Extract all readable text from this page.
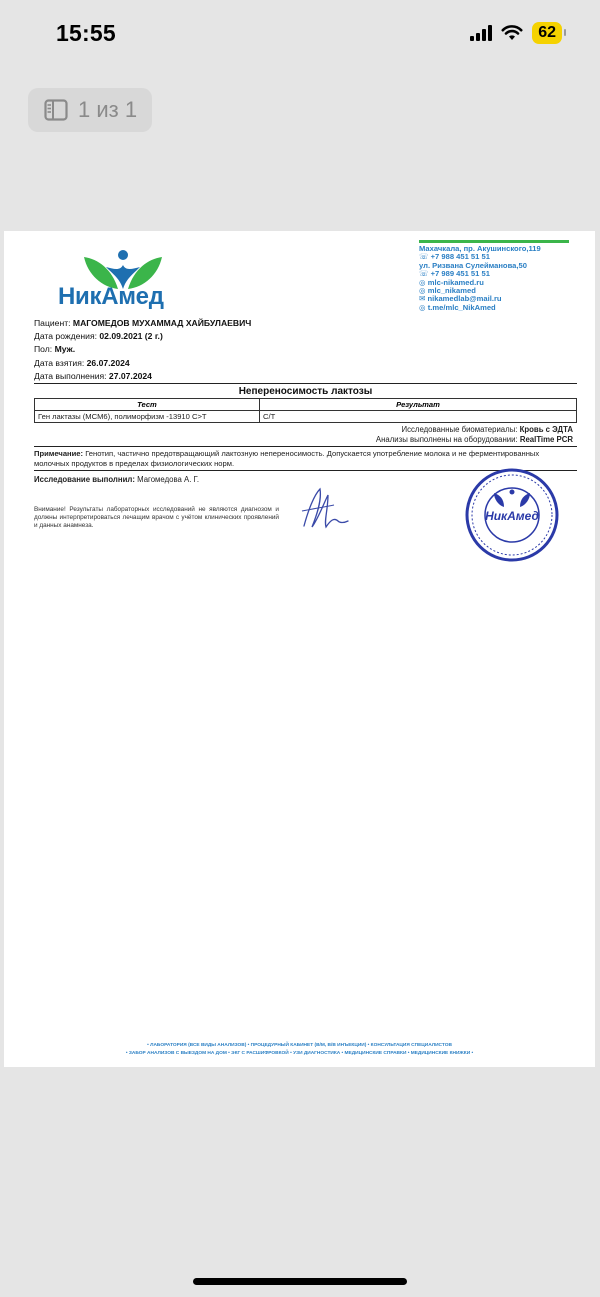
15:55	62
1 из 1
НикАмед
Махачкала, пр. Акушинского,119
☏ +7 988 451 51 51
ул. Ризвана Сулейманова,50
☏ +7 989 451 51 51
◎ mlc-nikamed.ru
◎ mlc_nikamed
✉ nikamedlab@mail.ru
◎ t.me/mlc_NikAmed
Пациент: МАГОМЕДОВ МУХАММАД ХАЙБУЛАЕВИЧ
Дата рождения: 02.09.2021 (2 г.)
Пол: Муж.
Дата взятия: 26.07.2024
Дата выполнения: 27.07.2024
Непереносимость лактозы
Тест	Результат
Ген лактазы (MCM6), полиморфизм -13910 C>T	C/T
Исследованные биоматериалы: Кровь с ЭДТА
Анализы выполнены на оборудовании: RealTime PCR
Примечание: Генотип, частично предотвращающий лактозную непереносимость. Допускается употребление молока и не ферментированных молочных продуктов в пределах физиологических норм.
Исследование выполнил: Магомедова А. Г.
Внимание! Результаты лабораторных исследований не являются диагнозом и должны интерпретироваться лечащим врачом с учётом клинических проявлений и данных анамнеза.
НикАмед
• ЛАБОРАТОРИЯ (ВСЕ ВИДЫ АНАЛИЗОВ) • ПРОЦЕДУРНЫЙ КАБИНЕТ (В/М, В/В ИНЪЕКЦИИ) • КОНСУЛЬТАЦИЯ СПЕЦИАЛИСТОВ
• ЗАБОР АНАЛИЗОВ С ВЫЕЗДОМ НА ДОМ • ЭКГ С РАСШИФРОВКОЙ • УЗИ ДИАГНОСТИКА • МЕДИЦИНСКИЕ СПРАВКИ • МЕДИЦИНСКИЕ КНИЖКИ •
